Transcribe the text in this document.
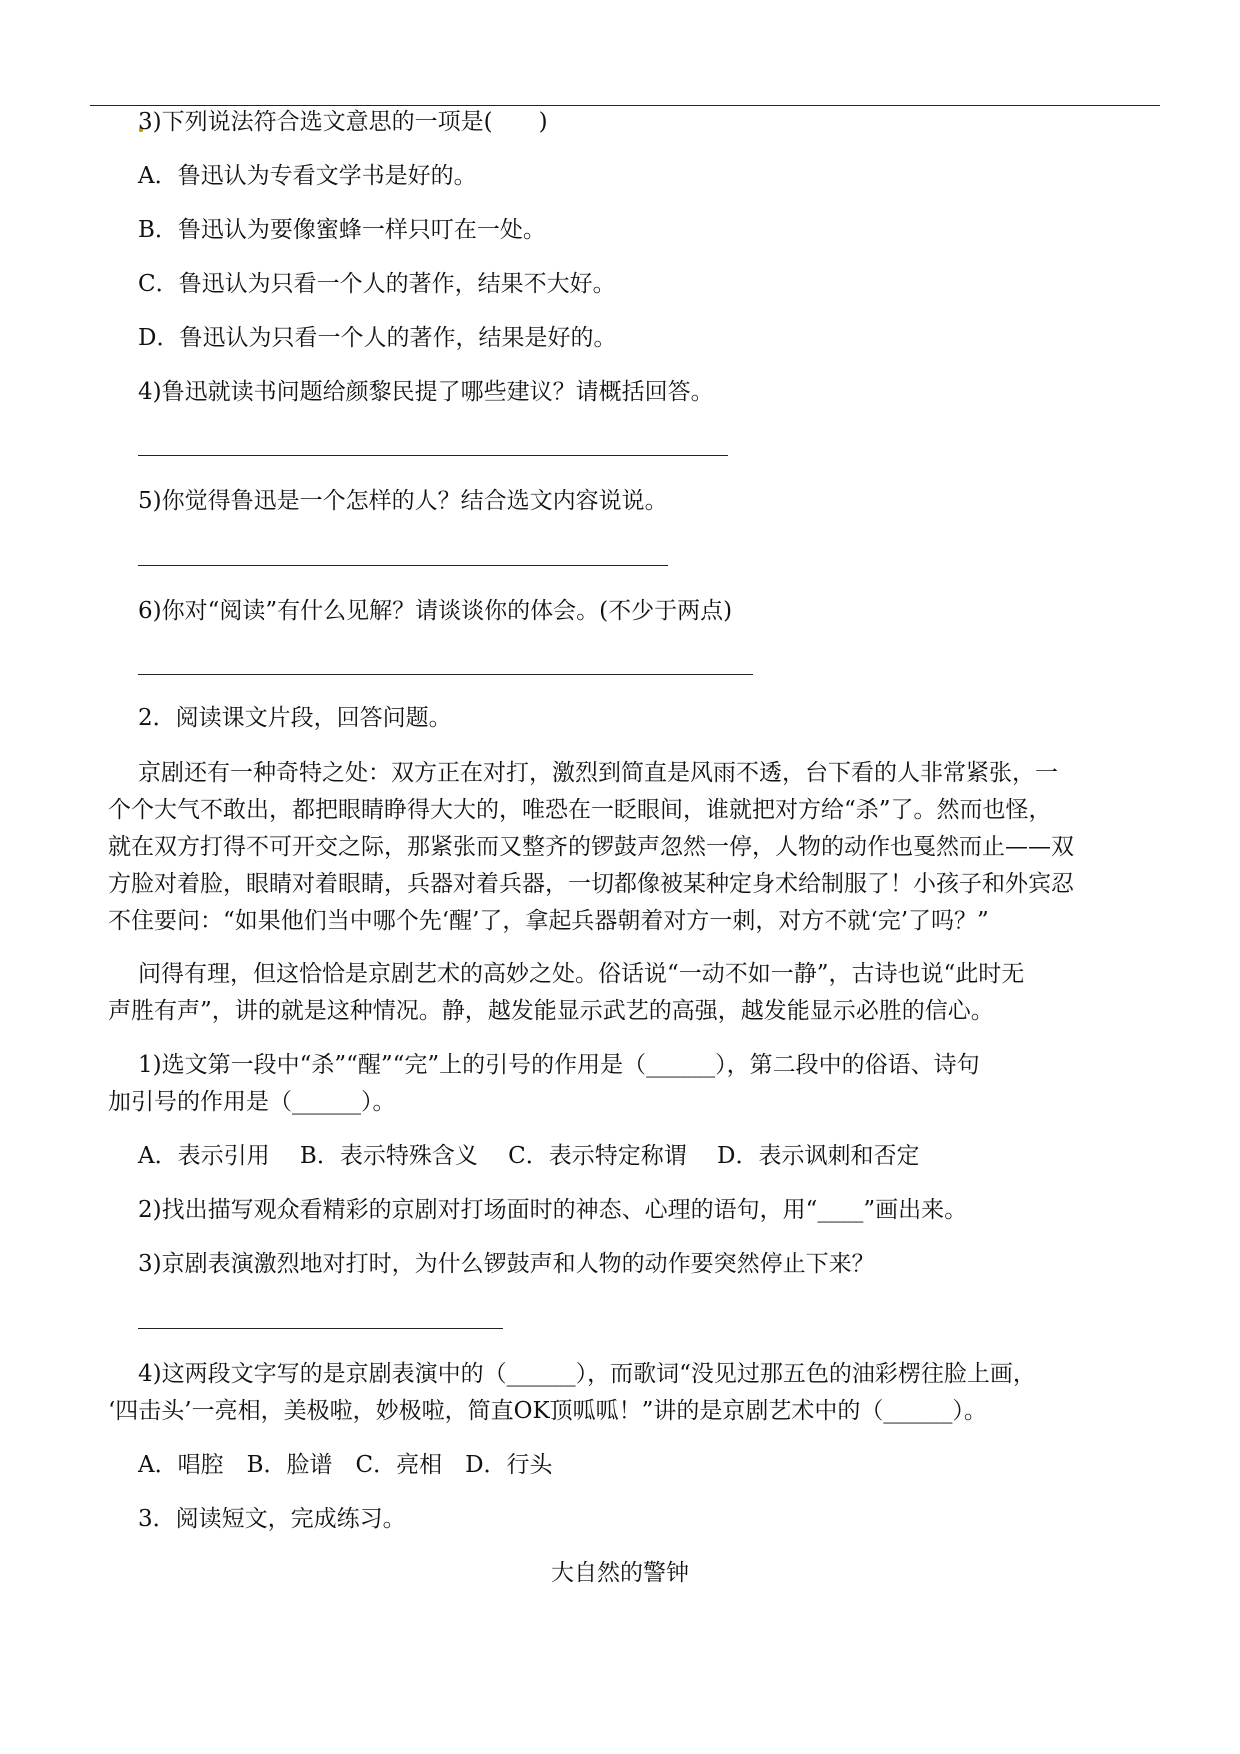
3)下列说法符合选文意思的一项是(　　)
A．鲁迅认为专看文学书是好的。
B．鲁迅认为要像蜜蜂一样只叮在一处。
C．鲁迅认为只看一个人的著作，结果不大好。
D．鲁迅认为只看一个人的著作，结果是好的。
4)鲁迅就读书问题给颜黎民提了哪些建议？请概括回答。
5)你觉得鲁迅是一个怎样的人？结合选文内容说说。
6)你对“阅读”有什么见解？请谈谈你的体会。(不少于两点)
2．阅读课文片段，回答问题。
京剧还有一种奇特之处：双方正在对打，激烈到简直是风雨不透，台下看的人非常紧张，一
个个大气不敢出，都把眼睛睁得大大的，唯恐在一眨眼间，谁就把对方给“杀”了。然而也怪，
就在双方打得不可开交之际，那紧张而又整齐的锣鼓声忽然一停，人物的动作也戛然而止——双
方脸对着脸，眼睛对着眼睛，兵器对着兵器，一切都像被某种定身术给制服了！小孩子和外宾忍
不住要问：“如果他们当中哪个先‘醒’了，拿起兵器朝着对方一刺，对方不就‘完’了吗？”
问得有理，但这恰恰是京剧艺术的高妙之处。俗话说“一动不如一静”，古诗也说“此时无
声胜有声”，讲的就是这种情况。静，越发能显示武艺的高强，越发能显示必胜的信心。
1)选文第一段中“杀”“醒”“完”上的引号的作用是（______），第二段中的俗语、诗句
加引号的作用是（______）。
A．表示引用　 B．表示特殊含义　 C．表示特定称谓　 D．表示讽刺和否定
2)找出描写观众看精彩的京剧对打场面时的神态、心理的语句，用“____”画出来。
3)京剧表演激烈地对打时，为什么锣鼓声和人物的动作要突然停止下来？
4)这两段文字写的是京剧表演中的（______），而歌词“没见过那五色的油彩楞往脸上画，
‘四击头’一亮相，美极啦，妙极啦，简直OK顶呱呱！”讲的是京剧艺术中的（______）。
A．唱腔　B．脸谱　C．亮相　D．行头
3．阅读短文，完成练习。
大自然的警钟
